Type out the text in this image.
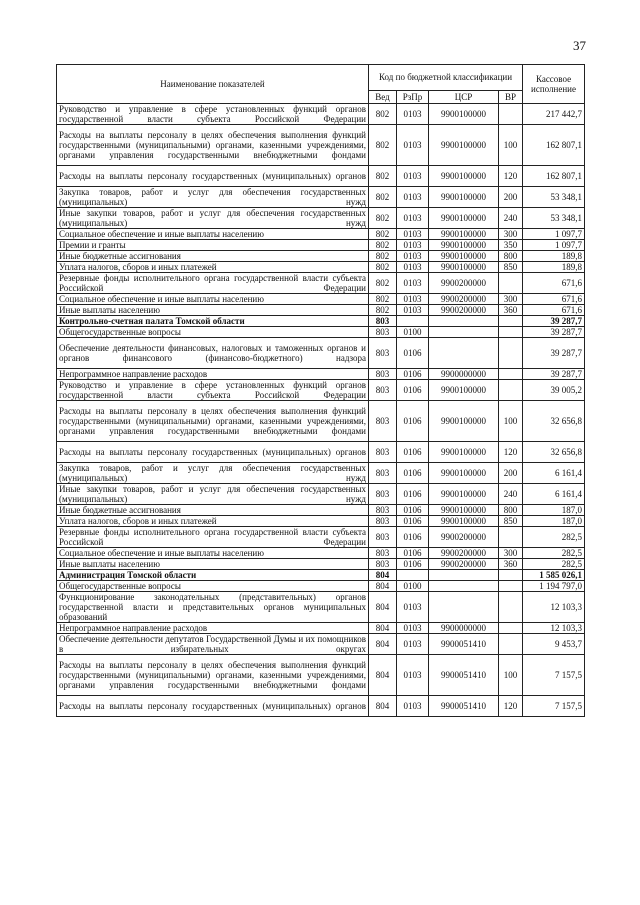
37
Наименование показателей	Код по бюджетной классификации				Кассовое исполнение
	Вед	РзПр	ЦСР	ВР	
Руководство и управление в сфере установленных функций органов государственной власти субъекта Российской Федерации	802	0103	9900100000		217 442,7
Расходы на выплаты персоналу в целях обеспечения выполнения функций государственными (муниципальными) органами, казенными учреждениями, органами управления государственными внебюджетными фондами	802	0103	9900100000	100	162 807,1
Расходы на выплаты персоналу государственных (муниципальных) органов	802	0103	9900100000	120	162 807,1
Закупка товаров, работ и услуг для обеспечения государственных (муниципальных) нужд	802	0103	9900100000	200	53 348,1
Иные закупки товаров, работ и услуг для обеспечения государственных (муниципальных) нужд	802	0103	9900100000	240	53 348,1
Социальное обеспечение и иные выплаты населению	802	0103	9900100000	300	1 097,7
Премии и гранты	802	0103	9900100000	350	1 097,7
Иные бюджетные ассигнования	802	0103	9900100000	800	189,8
Уплата налогов, сборов и иных платежей	802	0103	9900100000	850	189,8
Резервные фонды исполнительного органа государственной власти субъекта Российской Федерации	802	0103	9900200000		671,6
Социальное обеспечение и иные выплаты населению	802	0103	9900200000	300	671,6
Иные выплаты населению	802	0103	9900200000	360	671,6
Контрольно-счетная палата Томской области	803				39 287,7
Общегосударственные вопросы	803	0100			39 287,7
Обеспечение деятельности финансовых, налоговых и таможенных органов и органов финансового (финансово-бюджетного) надзора	803	0106			39 287,7
Непрограммное направление расходов	803	0106	9900000000		39 287,7
Руководство и управление в сфере установленных функций органов государственной власти субъекта Российской Федерации	803	0106	9900100000		39 005,2
Расходы на выплаты персоналу в целях обеспечения выполнения функций государственными (муниципальными) органами, казенными учреждениями, органами управления государственными внебюджетными фондами	803	0106	9900100000	100	32 656,8
Расходы на выплаты персоналу государственных (муниципальных) органов	803	0106	9900100000	120	32 656,8
Закупка товаров, работ и услуг для обеспечения государственных (муниципальных) нужд	803	0106	9900100000	200	6 161,4
Иные закупки товаров, работ и услуг для обеспечения государственных (муниципальных) нужд	803	0106	9900100000	240	6 161,4
Иные бюджетные ассигнования	803	0106	9900100000	800	187,0
Уплата налогов, сборов и иных платежей	803	0106	9900100000	850	187,0
Резервные фонды исполнительного органа государственной власти субъекта Российской Федерации	803	0106	9900200000		282,5
Социальное обеспечение и иные выплаты населению	803	0106	9900200000	300	282,5
Иные выплаты населению	803	0106	9900200000	360	282,5
Администрация Томской области	804				1 585 026,1
Общегосударственные вопросы	804	0100			1 194 797,0
Функционирование законодательных (представительных) органов государственной власти и представительных органов муниципальных образований	804	0103			12 103,3
Непрограммное направление расходов	804	0103	9900000000		12 103,3
Обеспечение деятельности депутатов Государственной Думы и их помощников в избирательных округах	804	0103	9900051410		9 453,7
Расходы на выплаты персоналу в целях обеспечения выполнения функций государственными (муниципальными) органами, казенными учреждениями, органами управления государственными внебюджетными фондами	804	0103	9900051410	100	7 157,5
Расходы на выплаты персоналу государственных (муниципальных) органов	804	0103	9900051410	120	7 157,5
